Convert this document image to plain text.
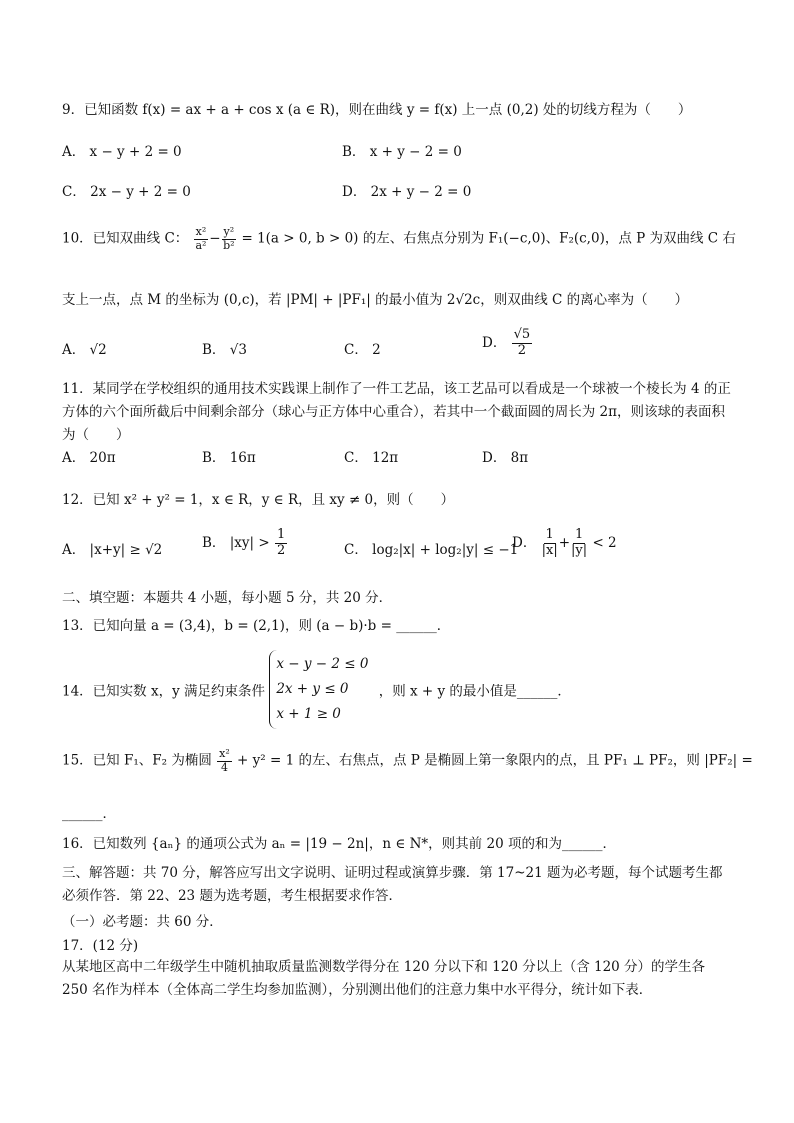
9．已知函数 f(x) = ax + a + cos x (a ∈ R)，则在曲线 y = f(x) 上一点 (0,2) 处的切线方程为（　　）
A． x − y + 2 = 0	B． x + y − 2 = 0
C． 2x − y + 2 = 0	D． 2x + y − 2 = 0
10．已知双曲线 C： $\frac{\text{x²}}{\text{a²}} - \frac{\text{y²}}{\text{b²}} = 1(a > 0$, b > 0) 的左、右焦点分别为 F₁(−c,0)、F₂(c,0)，点 P 为双曲线 C 右
支上一点，点 M 的坐标为 (0,c)，若 |PM| + |PF₁| 的最小值为 2√2c，则双曲线 C 的离心率为（　　）
A． √2	B． √3	C． 2	D． $\frac{√5}{2}$
11．某同学在学校组织的通用技术实践课上制作了一件工艺品，该工艺品可以看成是一个球被一个棱长为 4 的正方体的六个面所截后中间剩余部分（球心与正方体中心重合），若其中一个截面圆的周长为 2π，则该球的表面积为（　　）
A． 20π	B． 16π	C． 12π	D． 8π
12．已知 x² + y² = 1，x ∈ R，y ∈ R，且 xy ≠ 0，则（　　）
A． |x+y| ≥ √2	B． $|xy| > \frac{1}{2}$	C． log₂|x| + log₂|y| ≤ −1
D． $\frac{1}{|x|} + \frac{1}{|y|} < 2$
二、填空题：本题共 4 小题，每小题 5 分，共 20 分．
13．已知向量 a = (3,4)，b = (2,1)，则 (a − b)·b = ______．
14．已知实数 x，y 满足约束条件
x − y − 2 ≤ 0
2x + y ≤ 0
x + 1 ≥ 0
，则 x + y 的最小值是______．
15．已知 F₁、F₂ 为椭圆 $\frac{\text{x²}}{4} + y^2 = 1$ 的左、右焦点，点 P 是椭圆上第一象限内的点，且 PF₁ ⊥ PF₂，则 |PF₂| =
______．
16．已知数列 {aₙ} 的通项公式为 aₙ = |19 − 2n|，n ∈ N*，则其前 20 项的和为______．
三、解答题：共 70 分，解答应写出文字说明、证明过程或演算步骤．第 17~21 题为必考题，每个试题考生都必须作答．第 22、23 题为选考题，考生根据要求作答．
（一）必考题：共 60 分．
17．(12 分)
从某地区高中二年级学生中随机抽取质量监测数学得分在 120 分以下和 120 分以上（含 120 分）的学生各 250 名作为样本（全体高二学生均参加监测），分别测出他们的注意力集中水平得分，统计如下表．
